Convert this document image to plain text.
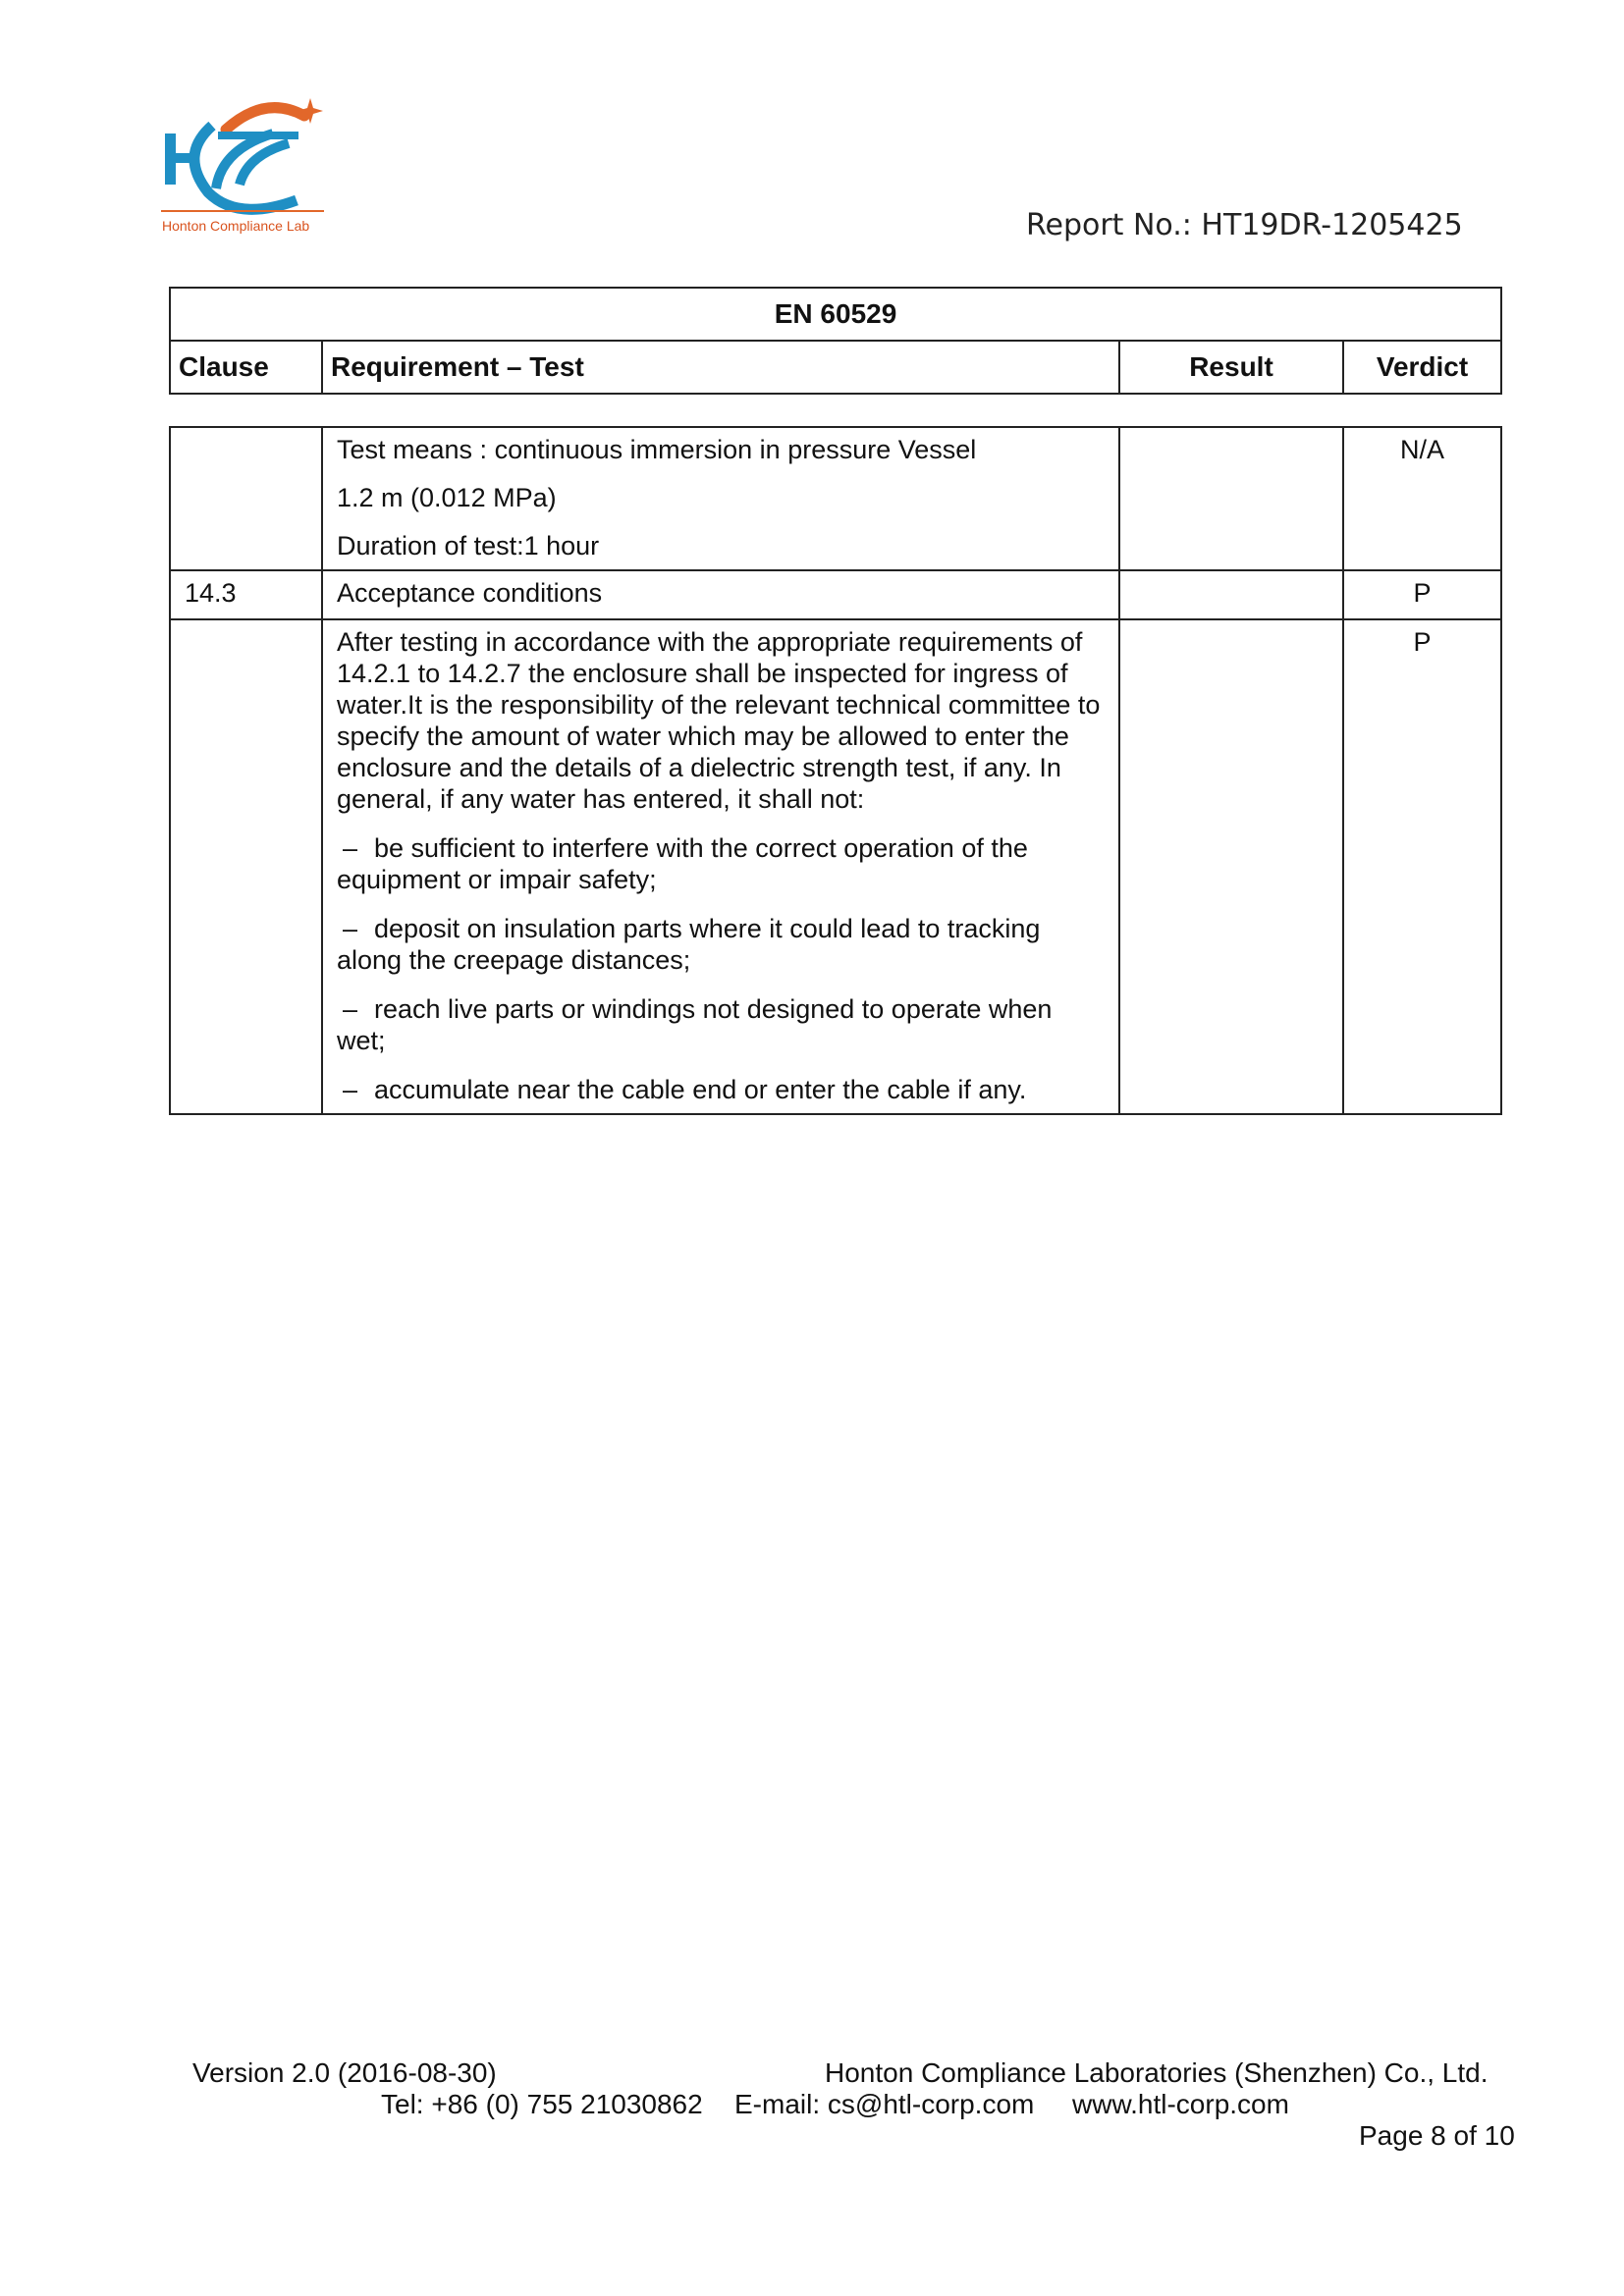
Honton Compliance Lab	Report No.: HT19DR-1205425
EN 60529
Clause	Requirement – Test	Result	Verdict

	Test means : continuous immersion in pressure Vessel
1.2 m (0.012 MPa)
Duration of test:1 hour		N/A
14.3	Acceptance conditions		P

	After testing in accordance with the appropriate requirements of 14.2.1 to 14.2.7 the enclosure shall be inspected for ingress of water.It is the responsibility of the relevant technical committee to specify the amount of water which may be allowed to enter the enclosure and the details of a dielectric strength test, if any. In general, if any water has entered, it shall not:
– be sufficient to interfere with the correct operation of the equipment or impair safety;
– deposit on insulation parts where it could lead to tracking along the creepage distances;
– reach live parts or windings not designed to operate when wet;
– accumulate near the cable end or enter the cable if any.		P
Version 2.0 (2016-08-30)	Honton Compliance Laboratories (Shenzhen) Co., Ltd.
Tel: +86 (0) 755 21030862 E-mail: cs@htl-corp.com www.htl-corp.com
Page 8 of 10
